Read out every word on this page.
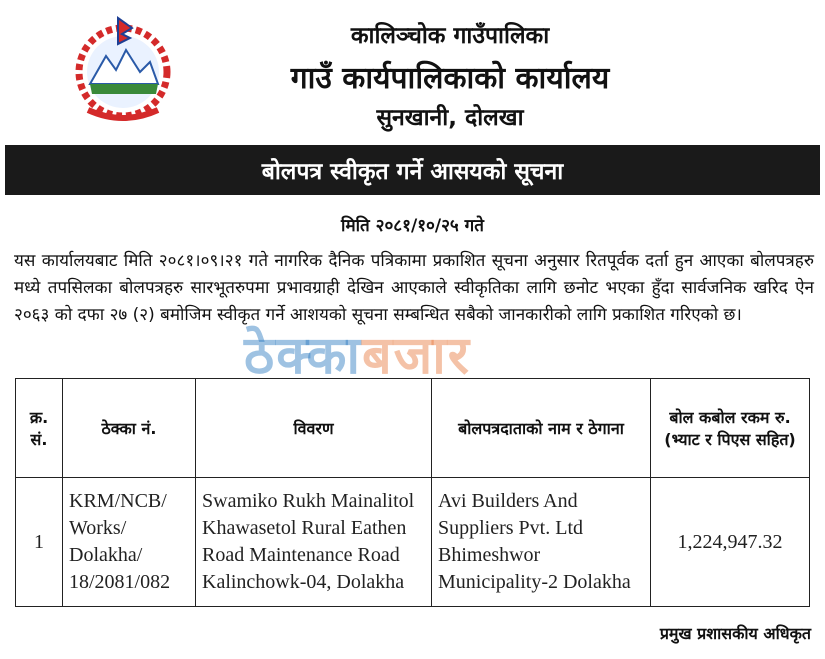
कालिञ्चोक गाउँपालिका
गाउँ कार्यपालिकाको कार्यालय
सुनखानी, दोलखा
बोलपत्र स्वीकृत गर्ने आसयको सूचना
मिति २०८१/१०/२५ गते
यस कार्यालयबाट मिति २०८१।०९।२१ गते नागरिक दैनिक पत्रिकामा प्रकाशित सूचना अनुसार रितपूर्वक दर्ता हुन आएका बोलपत्रहरु मध्ये तपसिलका बोलपत्रहरु सारभूतरुपमा प्रभावग्राही देखिन आएकाले स्वीकृतिका लागि छनोट भएका हुँदा सार्वजनिक खरिद ऐन २०६३ को दफा २७ (२) बमोजिम स्वीकृत गर्ने आशयको सूचना सम्बन्धित सबैको जानकारीको लागि प्रकाशित गरिएको छ।
ठेक्काबजार
क्र. सं.	ठेक्का नं.	विवरण	बोलपत्रदाताको नाम र ठेगाना	बोल कबोल रकम रु. (भ्याट र पिएस सहित)
1	KRM/NCB/ Works/ Dolakha/ 18/2081/082	Swamiko Rukh Mainalitol Khawasetol Rural Eathen Road Maintenance Road Kalinchowk-04, Dolakha	Avi Builders And Suppliers Pvt. Ltd Bhimeshwor Municipality-2 Dolakha	1,224,947.32
प्रमुख प्रशासकीय अधिकृत
